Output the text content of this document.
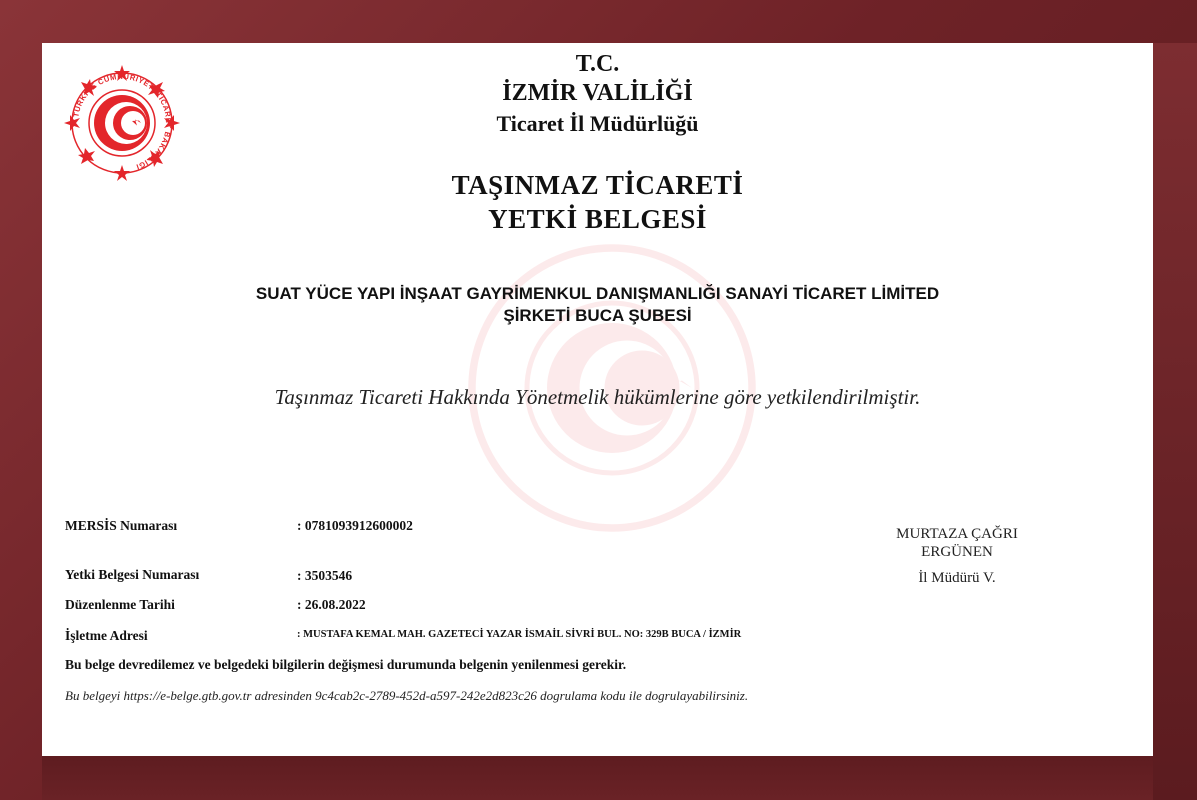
TÜRKİYE CUMHURİYETİ TİCARET BAKANLIĞI
T.C.
İZMİR VALİLİĞİ
Ticaret İl Müdürlüğü
TAŞINMAZ TİCARETİ
YETKİ BELGESİ
SUAT YÜCE YAPI İNŞAAT GAYRİMENKUL DANIŞMANLIĞI SANAYİ TİCARET LİMİTED
ŞİRKETİ BUCA ŞUBESİ
Taşınmaz Ticareti Hakkında Yönetmelik hükümlerine göre yetkilendirilmiştir.
MERSİS Numarası	: 0781093912600002
Yetki Belgesi Numarası	: 3503546
Düzenlenme Tarihi	: 26.08.2022
İşletme Adresi	: MUSTAFA KEMAL MAH. GAZETECİ YAZAR İSMAİL SİVRİ BUL. NO: 329B BUCA / İZMİR
Bu belge devredilemez ve belgedeki bilgilerin değişmesi durumunda belgenin yenilenmesi gerekir.
Bu belgeyi https://e-belge.gtb.gov.tr adresinden 9c4cab2c-2789-452d-a597-242e2d823c26 dogrulama kodu ile dogrulayabilirsiniz.
MURTAZA ÇAĞRI
ERGÜNEN
İl Müdürü V.
